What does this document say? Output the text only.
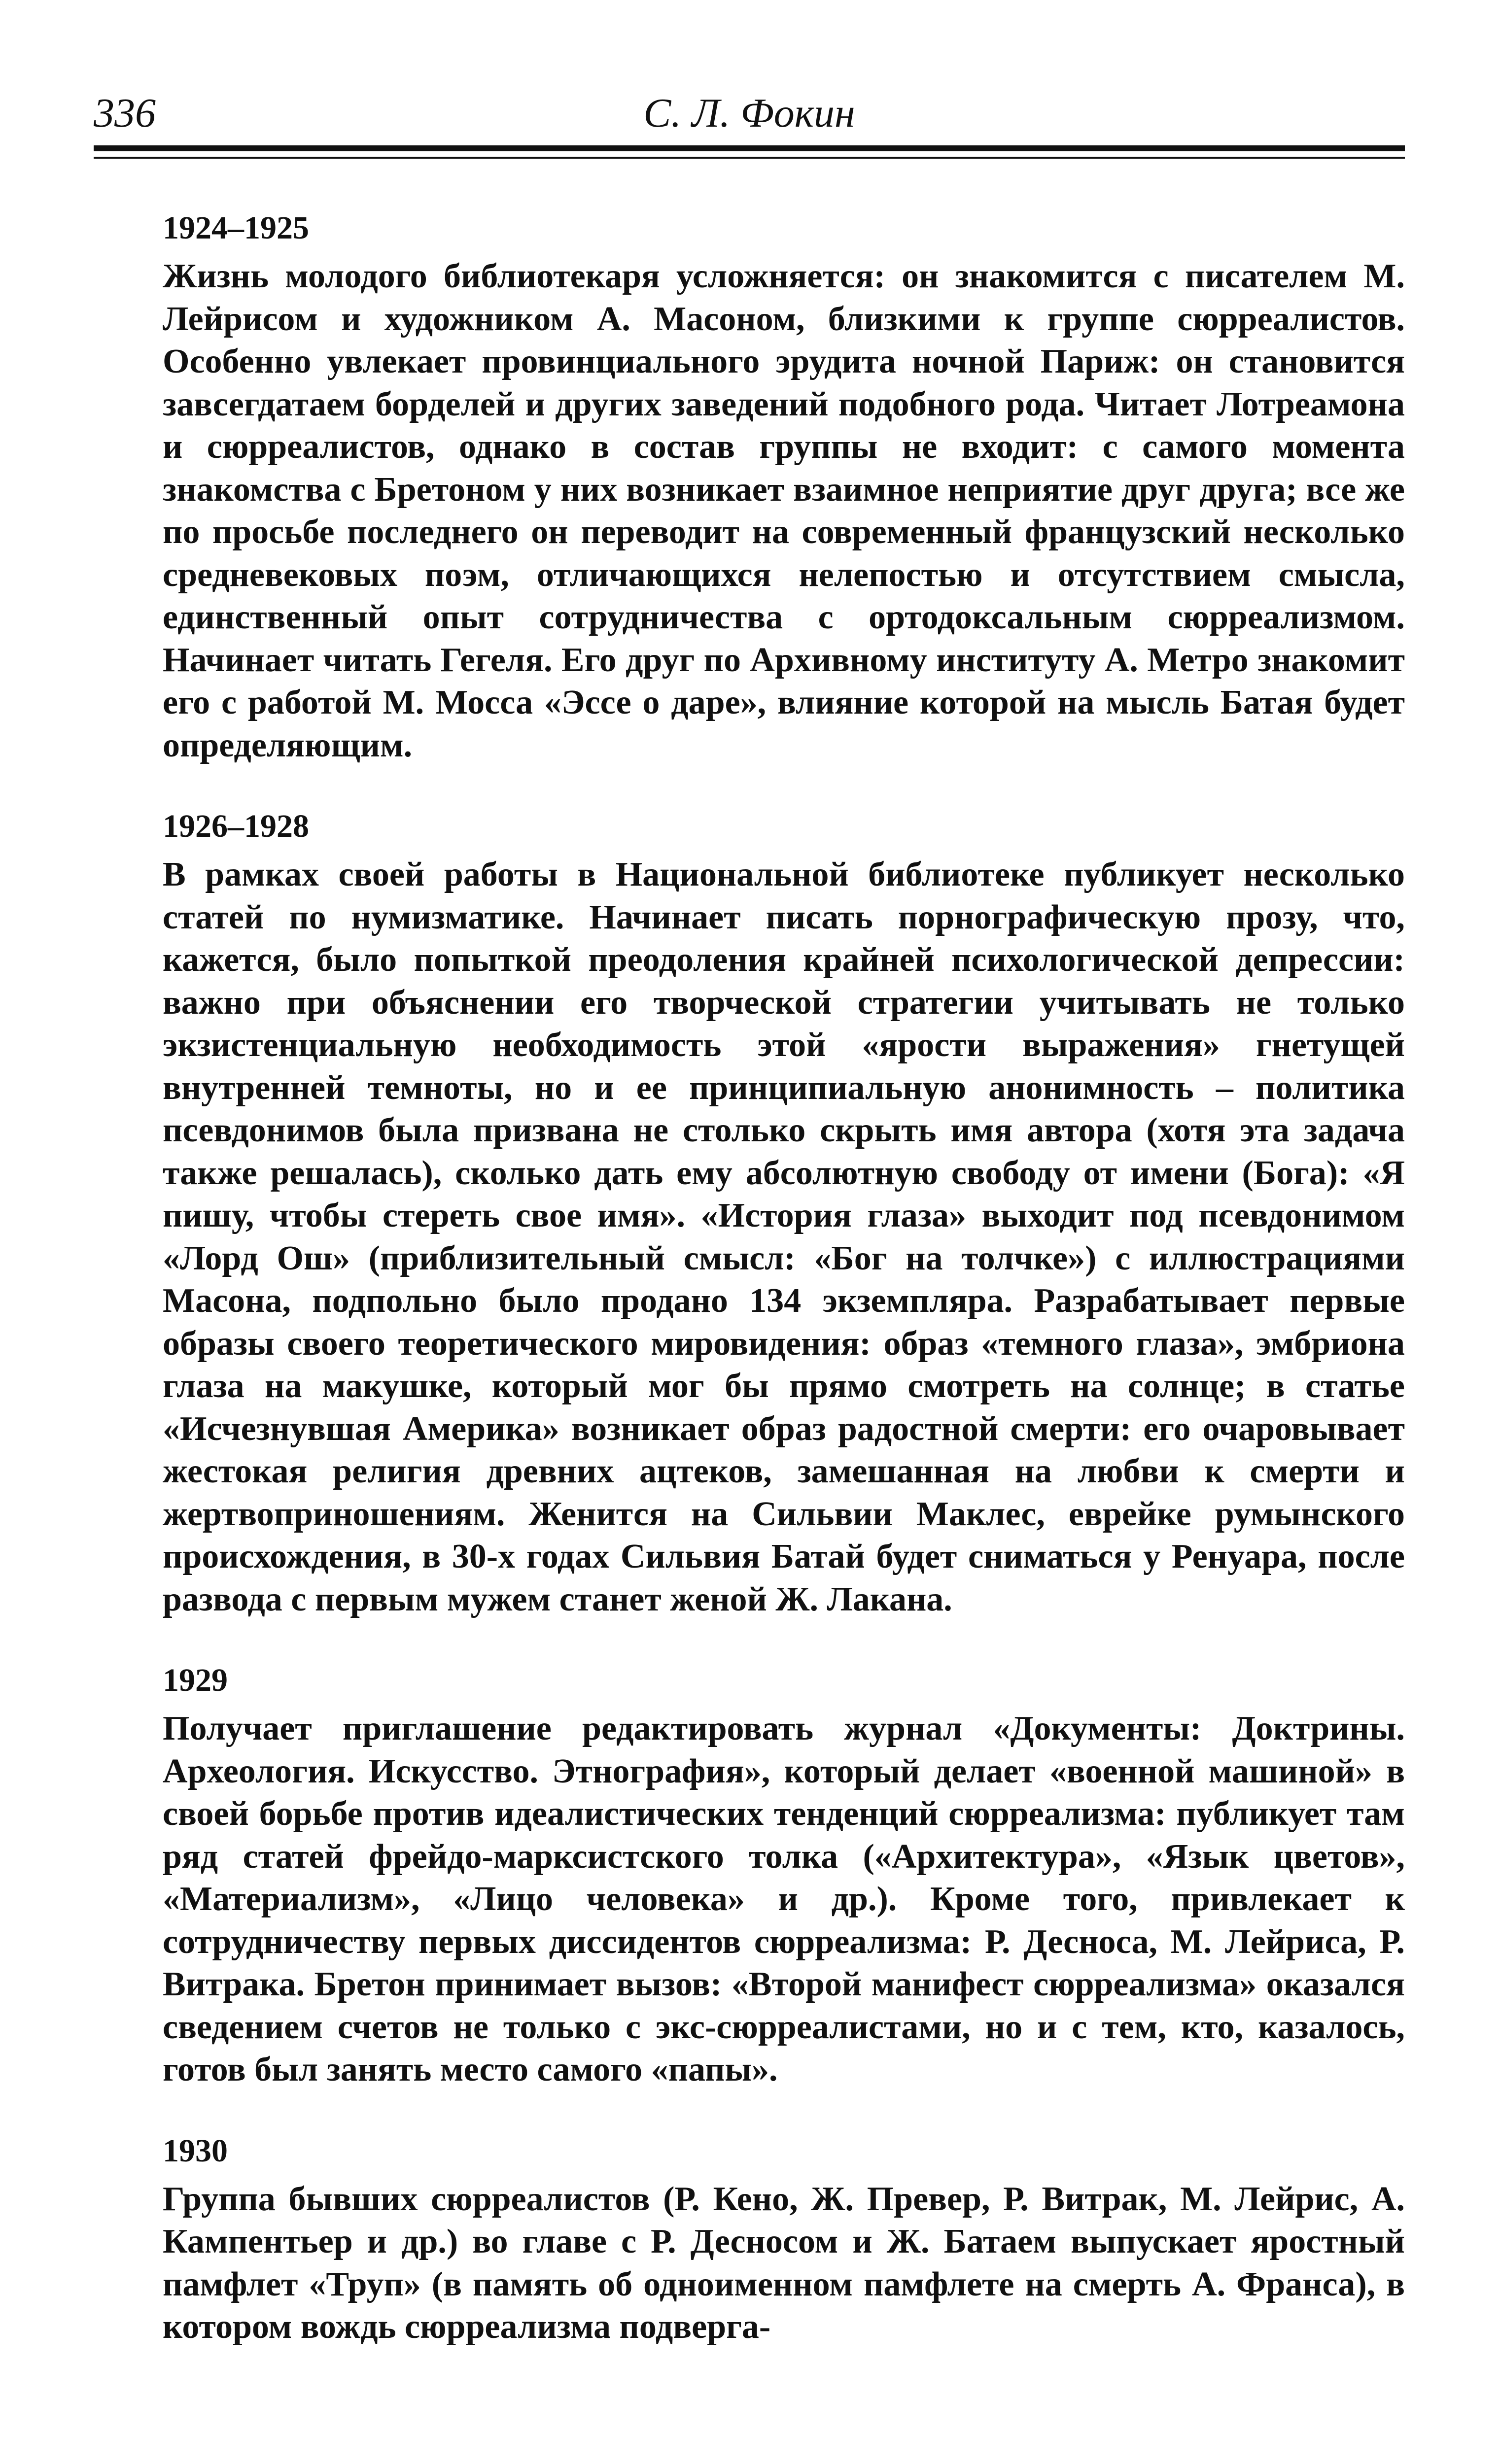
336	С. Л. Фокин
1924–1925

Жизнь молодого библиотекаря усложняется: он знакомится с писателем М. Лейрисом и художником А. Масоном, близкими к группе сюрреалистов. Особенно увлекает провинциального эрудита ночной Париж: он становится завсегдатаем борделей и других заведений подобного рода. Читает Лотреамона и сюрреалистов, однако в состав группы не входит: с самого момента знакомства с Бретоном у них возникает взаимное неприятие друг друга; все же по просьбе последнего он переводит на современный французский несколько средневековых поэм, отличающихся нелепостью и отсутствием смысла, единственный опыт сотрудничества с ортодоксальным сюрреализмом. Начинает читать Гегеля. Его друг по Архивному институту А. Метро знакомит его с работой М. Мосса «Эссе о даре», влияние которой на мысль Батая будет определяющим.

1926–1928

В рамках своей работы в Национальной библиотеке публикует несколько статей по нумизматике. Начинает писать порнографическую прозу, что, кажется, было попыткой преодоления крайней психологической депрессии: важно при объяснении его творческой стратегии учитывать не только экзистенциальную необходимость этой «ярости выражения» гнетущей внутренней темноты, но и ее принципиальную анонимность – политика псевдонимов была призвана не столько скрыть имя автора (хотя эта задача также решалась), сколько дать ему абсолютную свободу от имени (Бога): «Я пишу, чтобы стереть свое имя». «История глаза» выходит под псевдонимом «Лорд Ош» (приблизительный смысл: «Бог на толчке») с иллюстрациями Масона, подпольно было продано 134 экземпляра. Разрабатывает первые образы своего теоретического мировидения: образ «темного глаза», эмбриона глаза на макушке, который мог бы прямо смотреть на солнце; в статье «Исчезнувшая Америка» возникает образ радостной смерти: его очаровывает жестокая религия древних ацтеков, замешанная на любви к смерти и жертвоприношениям. Женится на Сильвии Маклес, еврейке румынского происхождения, в 30-х годах Сильвия Батай будет сниматься у Ренуара, после развода с первым мужем станет женой Ж. Лакана.

1929

Получает приглашение редактировать журнал «Документы: Доктрины. Археология. Искусство. Этнография», который делает «военной машиной» в своей борьбе против идеалистических тенденций сюрреализма: публикует там ряд статей фрейдо-марксистского толка («Архитектура», «Язык цветов», «Материализм», «Лицо человека» и др.). Кроме того, привлекает к сотрудничеству первых диссидентов сюрреализма: Р. Десноса, М. Лейриса, Р. Витрака. Бретон принимает вызов: «Второй манифест сюрреализма» оказался сведением счетов не только с экс-сюрреалистами, но и с тем, кто, казалось, готов был занять место самого «папы».

1930

Группа бывших сюрреалистов (Р. Кено, Ж. Превер, Р. Витрак, М. Лейрис, А. Кампентьер и др.) во главе с Р. Десносом и Ж. Батаем выпускает яростный памфлет «Труп» (в память об одноименном памфлете на смерть А. Франса), в котором вождь сюрреализма подверга-
